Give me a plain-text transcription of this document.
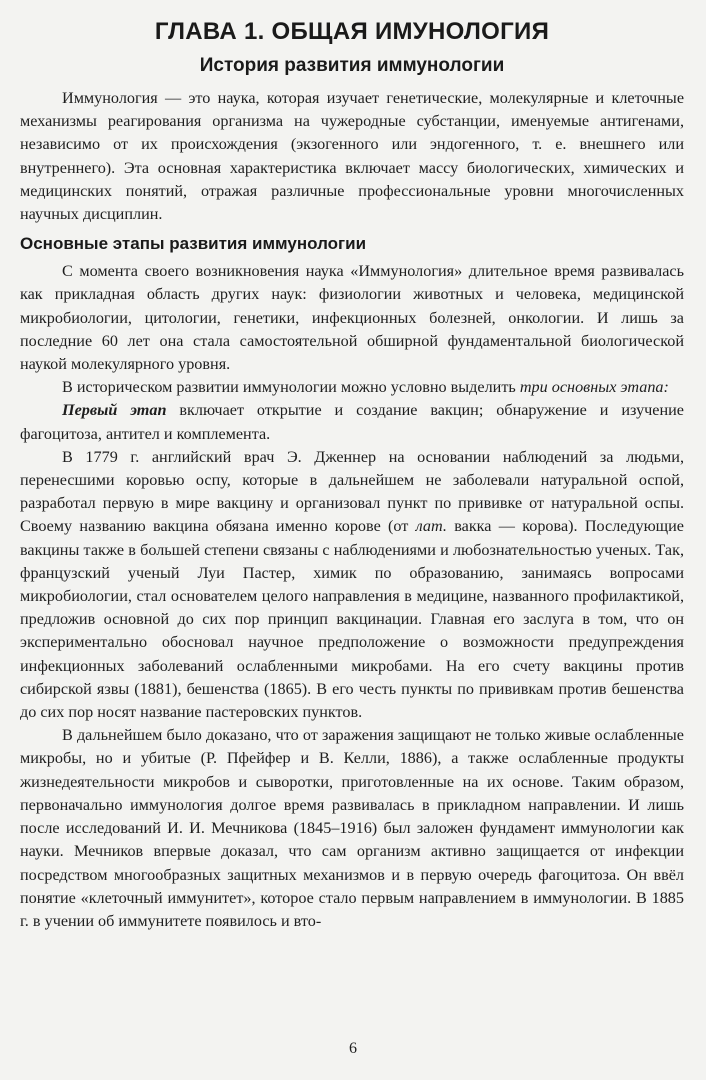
ГЛАВА 1. ОБЩАЯ ИМУНОЛОГИЯ
История развития иммунологии

Иммунология — это наука, которая изучает генетические, молекулярные и клеточные механизмы реагирования организма на чужеродные субстанции, именуемые антигенами, независимо от их происхождения (экзогенного или эндогенного, т. е. внешнего или внутреннего). Эта основная характеристика включает массу биологических, химических и медицинских понятий, отражая различные профессиональные уровни многочисленных научных дисциплин.

Основные этапы развития иммунологии

С момента своего возникновения наука «Иммунология» длительное время развивалась как прикладная область других наук: физиологии животных и человека, медицинской микробиологии, цитологии, генетики, инфекционных болезней, онкологии. И лишь за последние 60 лет она стала самостоятельной обширной фундаментальной биологической наукой молекулярного уровня.

В историческом развитии иммунологии можно условно выделить три основных этапа:

Первый этап включает открытие и создание вакцин; обнаружение и изучение фагоцитоза, антител и комплемента.

В 1779 г. английский врач Э. Дженнер на основании наблюдений за людьми, перенесшими коровью оспу, которые в дальнейшем не заболевали натуральной оспой, разработал первую в мире вакцину и организовал пункт по прививке от натуральной оспы. Своему названию вакцина обязана именно корове (от лат. вакка — корова). Последующие вакцины также в большей степени связаны с наблюдениями и любознательностью ученых. Так, французский ученый Луи Пастер, химик по образованию, занимаясь вопросами микробиологии, стал основателем целого направления в медицине, названного профилактикой, предложив основной до сих пор принцип вакцинации. Главная его заслуга в том, что он экспериментально обосновал научное предположение о возможности предупреждения инфекционных заболеваний ослабленными микробами. На его счету вакцины против сибирской язвы (1881), бешенства (1865). В его честь пункты по прививкам против бешенства до сих пор носят название пастеровских пунктов.

В дальнейшем было доказано, что от заражения защищают не только живые ослабленные микробы, но и убитые (Р. Пфейфер и В. Келли, 1886), а также ослабленные продукты жизнедеятельности микробов и сыворотки, приготовленные на их основе. Таким образом, первоначально иммунология долгое время развивалась в прикладном направлении. И лишь после исследований И. И. Мечникова (1845–1916) был заложен фундамент иммунологии как науки. Мечников впервые доказал, что сам организм активно защищается от инфекции посредством многообразных защитных механизмов и в первую очередь фагоцитоза. Он ввёл понятие «клеточный иммунитет», которое стало первым направлением в иммунологии. В 1885 г. в учении об иммунитете появилось и вто-

6
